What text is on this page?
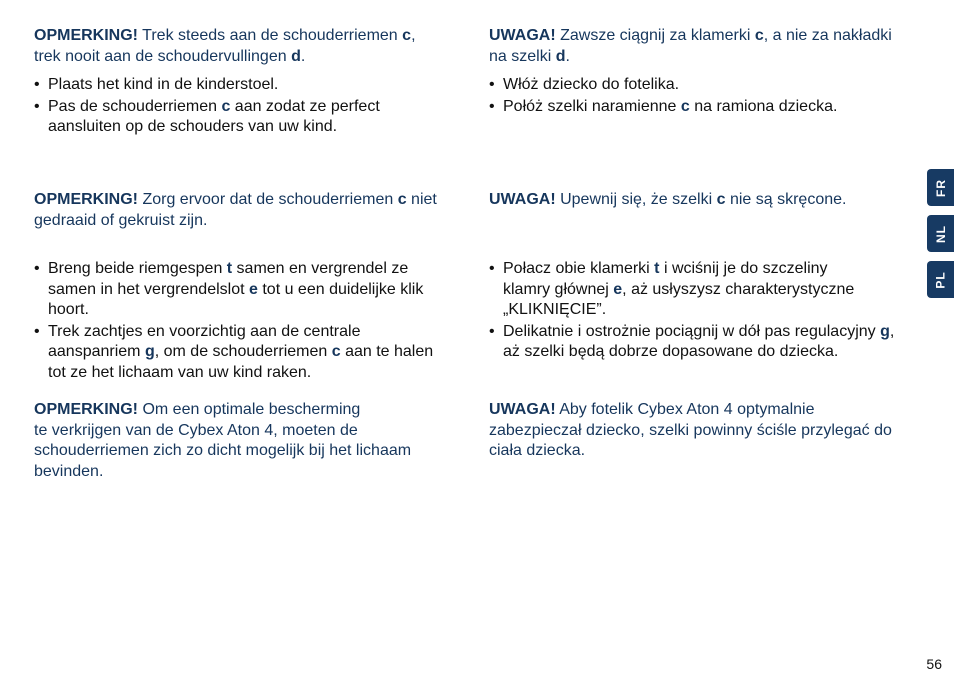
OPMERKING! Trek steeds aan de schouderriemen c,
trek nooit aan de schoudervullingen d.

• Plaats het kind in de kinderstoel.
• Pas de schouderriemen c aan zodat ze perfect
aansluiten op de schouders van uw kind.

OPMERKING! Zorg ervoor dat de schouderriemen c niet
gedraaid of gekruist zijn.

• Breng beide riemgespen t samen en vergrendel ze
samen in het vergrendelslot e tot u een duidelijke klik
hoort.
• Trek zachtjes en voorzichtig aan de centrale
aanspanriem g, om de schouderriemen c aan te halen
tot ze het lichaam van uw kind raken.

OPMERKING! Om een optimale bescherming
te verkrijgen van de Cybex Aton 4, moeten de
schouderriemen zich zo dicht mogelijk bij het lichaam
bevinden.

UWAGA! Zawsze ciągnij za klamerki c, a nie za nakładki
na szelki d.

• Włóż dziecko do fotelika.
• Połóż szelki naramienne c na ramiona dziecka.

UWAGA! Upewnij się, że szelki c nie są skręcone.

• Połacz obie klamerki t i wciśnij je do szczeliny
klamry głównej e, aż usłyszysz charakterystyczne
„KLIKNIĘCIE”.
• Delikatnie i ostrożnie pociągnij w dół pas regulacyjny g,
aż szelki będą dobrze dopasowane do dziecka.

UWAGA! Aby fotelik Cybex Aton 4 optymalnie
zabezpieczał dziecko, szelki powinny ściśle przylegać do
ciała dziecka.

FR
NL
PL
56
